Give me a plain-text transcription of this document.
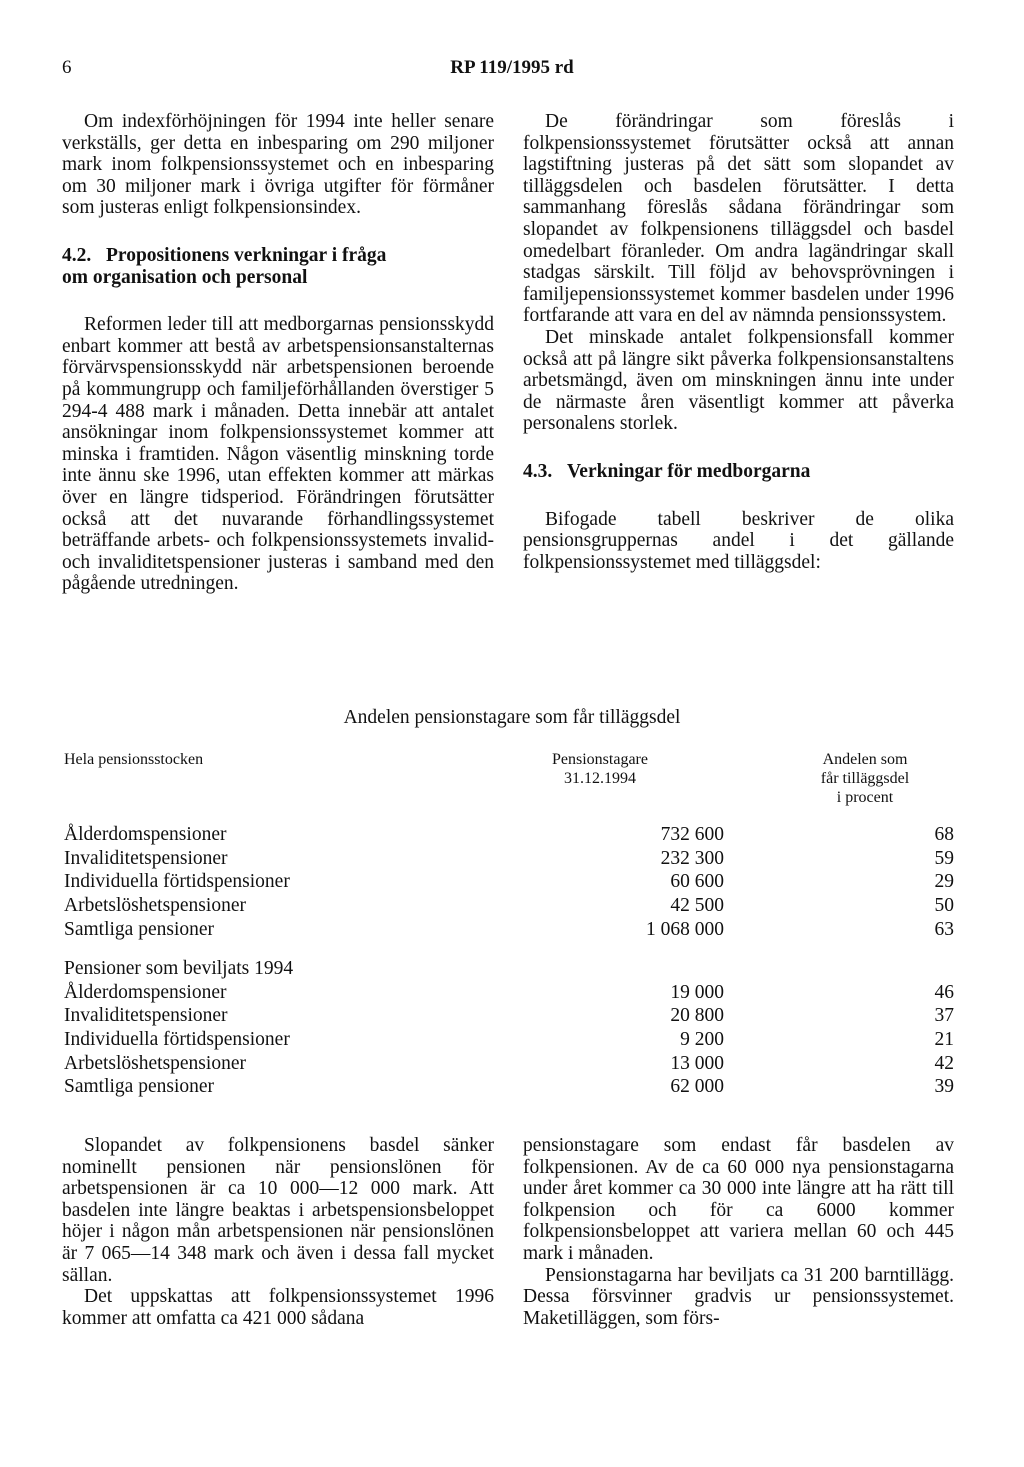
6	RP 119/1995 rd

Om indexförhöjningen för 1994 inte heller senare verkställs, ger detta en inbesparing om 290 miljoner mark inom folkpensionssystemet och en inbesparing om 30 miljoner mark i övriga utgifter för förmåner som justeras enligt folkpensionsindex.

4.2. Propositionens verkningar i fråga
om organisation och personal

Reformen leder till att medborgarnas pensionsskydd enbart kommer att bestå av arbetspensionsanstalternas förvärvspensionsskydd när arbetspensionen beroende på kommungrupp och familjeförhållanden överstiger 5 294-4 488 mark i månaden. Detta innebär att antalet ansökningar inom folkpensionssystemet kommer att minska i framtiden. Någon väsentlig minskning torde inte ännu ske 1996, utan effekten kommer att märkas över en längre tidsperiod. Förändringen förutsätter också att det nuvarande förhandlingssystemet beträffande arbets- och folkpensionssystemets invalid- och invaliditetspensioner justeras i samband med den pågående utredningen.

De förändringar som föreslås i folkpensionssystemet förutsätter också att annan lagstiftning justeras på det sätt som slopandet av tilläggsdelen och basdelen förutsätter. I detta sammanhang föreslås sådana förändringar som slopandet av folkpensionens tilläggsdel och basdel omedelbart föranleder. Om andra lagändringar skall stadgas särskilt. Till följd av behovsprövningen i familjepensionssystemet kommer basdelen under 1996 fortfarande att vara en del av nämnda pensionssystem.

Det minskade antalet folkpensionsfall kommer också att på längre sikt påverka folkpensionsanstaltens arbetsmängd, även om minskningen ännu inte under de närmaste åren väsentligt kommer att påverka personalens storlek.

4.3. Verkningar för medborgarna

Bifogade tabell beskriver de olika pensionsgruppernas andel i det gällande folkpensionssystemet med tilläggsdel:

Andelen pensionstagare som får tilläggsdel
Hela pensionsstocken	Pensionstagare
31.12.1994
Andelen som
får tilläggsdel
i procent
Ålderdomspensioner	732 600	68
Invaliditetspensioner	232 300	59
Individuella förtidspensioner	60 600	29
Arbetslöshetspensioner	42 500	50
Samtliga pensioner	1 068 000	63
Pensioner som beviljats 1994
Ålderdomspensioner	19 000	46
Invaliditetspensioner	20 800	37
Individuella förtidspensioner	9 200	21
Arbetslöshetspensioner	13 000	42
Samtliga pensioner	62 000	39

Slopandet av folkpensionens basdel sänker nominellt pensionen när pensionslönen för arbetspensionen är ca 10 000—12 000 mark. Att basdelen inte längre beaktas i arbetspensionsbeloppet höjer i någon mån arbetspensionen när pensionslönen är 7 065—14 348 mark och även i dessa fall mycket sällan.

Det uppskattas att folkpensionssystemet 1996 kommer att omfatta ca 421 000 sådana

pensionstagare som endast får basdelen av folkpensionen. Av de ca 60 000 nya pensionstagarna under året kommer ca 30 000 inte längre att ha rätt till folkpension och för ca 6000 kommer folkpensionsbeloppet att variera mellan 60 och 445 mark i månaden.

Pensionstagarna har beviljats ca 31 200 barntillägg. Dessa försvinner gradvis ur pensionssystemet. Maketilläggen, som förs-
